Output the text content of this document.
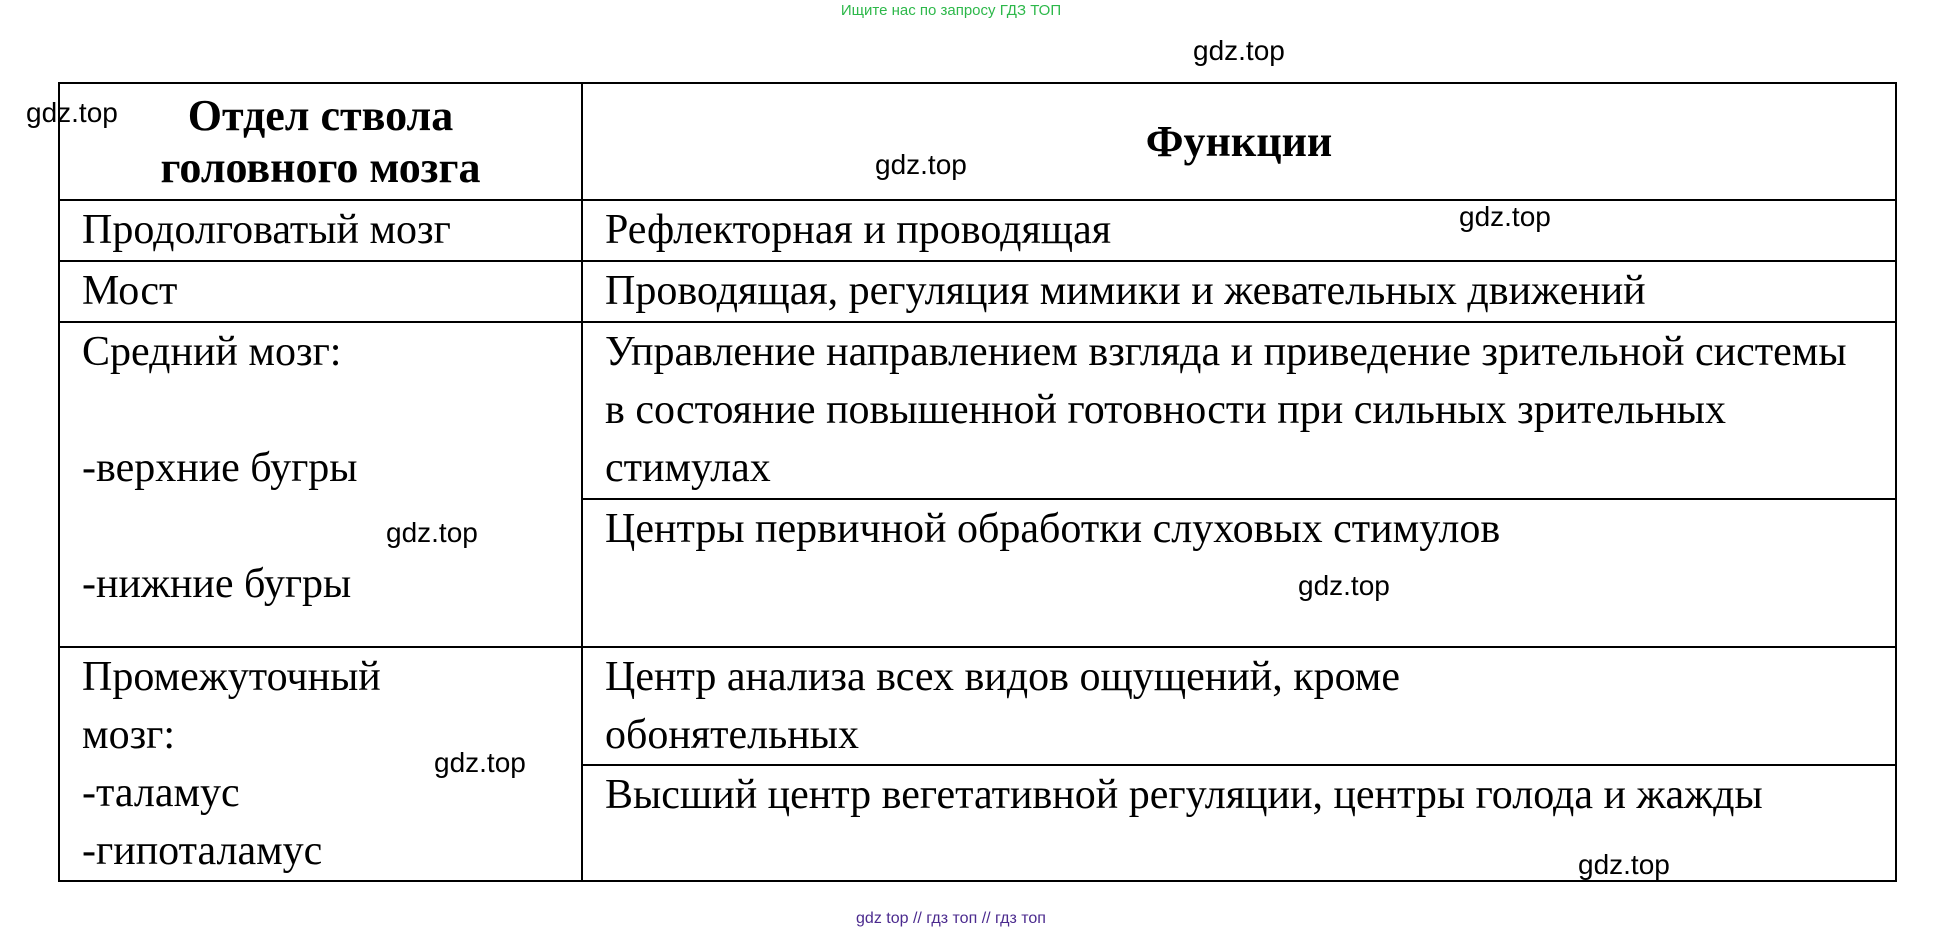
Ищите нас по запросу ГДЗ ТОП
Отдел ствола головного мозга	Функции

Продолговатый мозг	Рефлекторная и проводящая

Мост	Проводящая, регуляция мимики и жевательных движений

Средний мозг:
-верхние бугры
-нижние бугры	Управление направлением взгляда и приведение зрительной системы в состояние повышенной готовности при сильных зрительных стимулах

	Центры первичной обработки слуховых стимулов

Промежуточный мозг:
-таламус
-гипоталамус	Центр анализа всех видов ощущений, кроме обонятельных

	Высший центр вегетативной регуляции, центры голода и жажды
gdz.top
gdz.top
gdz.top
gdz.top
gdz.top
gdz.top
gdz.top
gdz.top
gdz top // гдз топ // гдз топ
